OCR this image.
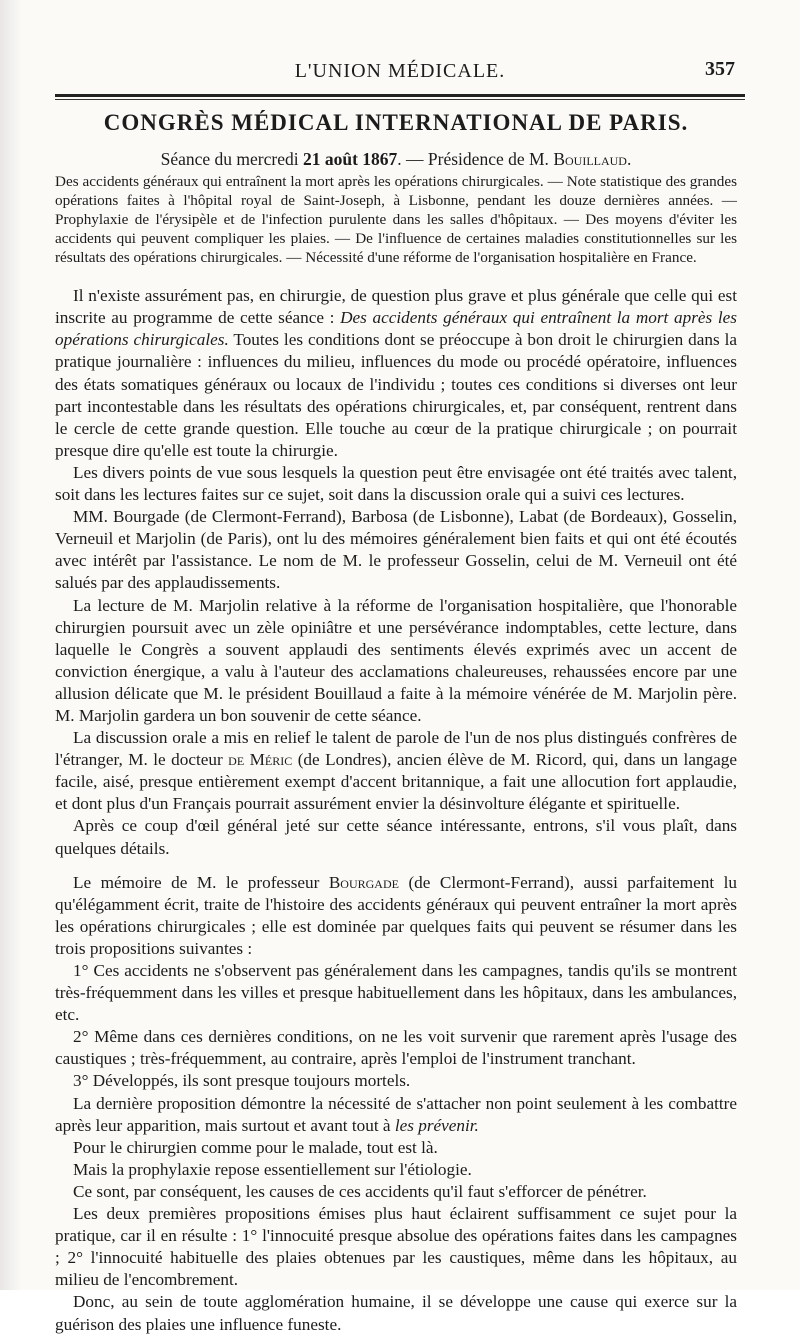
L'UNION MÉDICALE.	357
CONGRÈS MÉDICAL INTERNATIONAL DE PARIS.
Séance du mercredi 21 août 1867. — Présidence de M. Bouillaud.

Des accidents généraux qui entraînent la mort après les opérations chirurgicales. — Note statistique des grandes opérations faites à l'hôpital royal de Saint-Joseph, à Lisbonne, pendant les douze dernières années. — Prophylaxie de l'érysipèle et de l'infection purulente dans les salles d'hôpitaux. — Des moyens d'éviter les accidents qui peuvent compliquer les plaies. — De l'influence de certaines maladies constitutionnelles sur les résultats des opérations chirurgicales. — Nécessité d'une réforme de l'organisation hospitalière en France.

Il n'existe assurément pas, en chirurgie, de question plus grave et plus générale que celle qui est inscrite au programme de cette séance : Des accidents généraux qui entraînent la mort après les opérations chirurgicales. Toutes les conditions dont se préoccupe à bon droit le chirurgien dans la pratique journalière : influences du milieu, influences du mode ou procédé opératoire, influences des états somatiques généraux ou locaux de l'individu ; toutes ces conditions si diverses ont leur part incontestable dans les résultats des opérations chirurgicales, et, par conséquent, rentrent dans le cercle de cette grande question. Elle touche au cœur de la pratique chirurgicale ; on pourrait presque dire qu'elle est toute la chirurgie.

Les divers points de vue sous lesquels la question peut être envisagée ont été traités avec talent, soit dans les lectures faites sur ce sujet, soit dans la discussion orale qui a suivi ces lectures.

MM. Bourgade (de Clermont-Ferrand), Barbosa (de Lisbonne), Labat (de Bordeaux), Gosselin, Verneuil et Marjolin (de Paris), ont lu des mémoires généralement bien faits et qui ont été écoutés avec intérêt par l'assistance. Le nom de M. le professeur Gosselin, celui de M. Verneuil ont été salués par des applaudissements.

La lecture de M. Marjolin relative à la réforme de l'organisation hospitalière, que l'honorable chirurgien poursuit avec un zèle opiniâtre et une persévérance indomptables, cette lecture, dans laquelle le Congrès a souvent applaudi des sentiments élevés exprimés avec un accent de conviction énergique, a valu à l'auteur des acclamations chaleureuses, rehaussées encore par une allusion délicate que M. le président Bouillaud a faite à la mémoire vénérée de M. Marjolin père. M. Marjolin gardera un bon souvenir de cette séance.

La discussion orale a mis en relief le talent de parole de l'un de nos plus distingués confrères de l'étranger, M. le docteur de Méric (de Londres), ancien élève de M. Ricord, qui, dans un langage facile, aisé, presque entièrement exempt d'accent britannique, a fait une allocution fort applaudie, et dont plus d'un Français pourrait assurément envier la désinvolture élégante et spirituelle.

Après ce coup d'œil général jeté sur cette séance intéressante, entrons, s'il vous plaît, dans quelques détails.

Le mémoire de M. le professeur Bourgade (de Clermont-Ferrand), aussi parfaitement lu qu'élégamment écrit, traite de l'histoire des accidents généraux qui peuvent entraîner la mort après les opérations chirurgicales ; elle est dominée par quelques faits qui peuvent se résumer dans les trois propositions suivantes :

1° Ces accidents ne s'observent pas généralement dans les campagnes, tandis qu'ils se montrent très-fréquemment dans les villes et presque habituellement dans les hôpitaux, dans les ambulances, etc.

2° Même dans ces dernières conditions, on ne les voit survenir que rarement après l'usage des caustiques ; très-fréquemment, au contraire, après l'emploi de l'instrument tranchant.

3° Développés, ils sont presque toujours mortels.

La dernière proposition démontre la nécessité de s'attacher non point seulement à les combattre après leur apparition, mais surtout et avant tout à les prévenir.

Pour le chirurgien comme pour le malade, tout est là.

Mais la prophylaxie repose essentiellement sur l'étiologie.

Ce sont, par conséquent, les causes de ces accidents qu'il faut s'efforcer de pénétrer.

Les deux premières propositions émises plus haut éclairent suffisamment ce sujet pour la pratique, car il en résulte : 1° l'innocuité presque absolue des opérations faites dans les campagnes ; 2° l'innocuité habituelle des plaies obtenues par les caustiques, même dans les hôpitaux, au milieu de l'encombrement.

Donc, au sein de toute agglomération humaine, il se développe une cause qui exerce sur la guérison des plaies une influence funeste.
